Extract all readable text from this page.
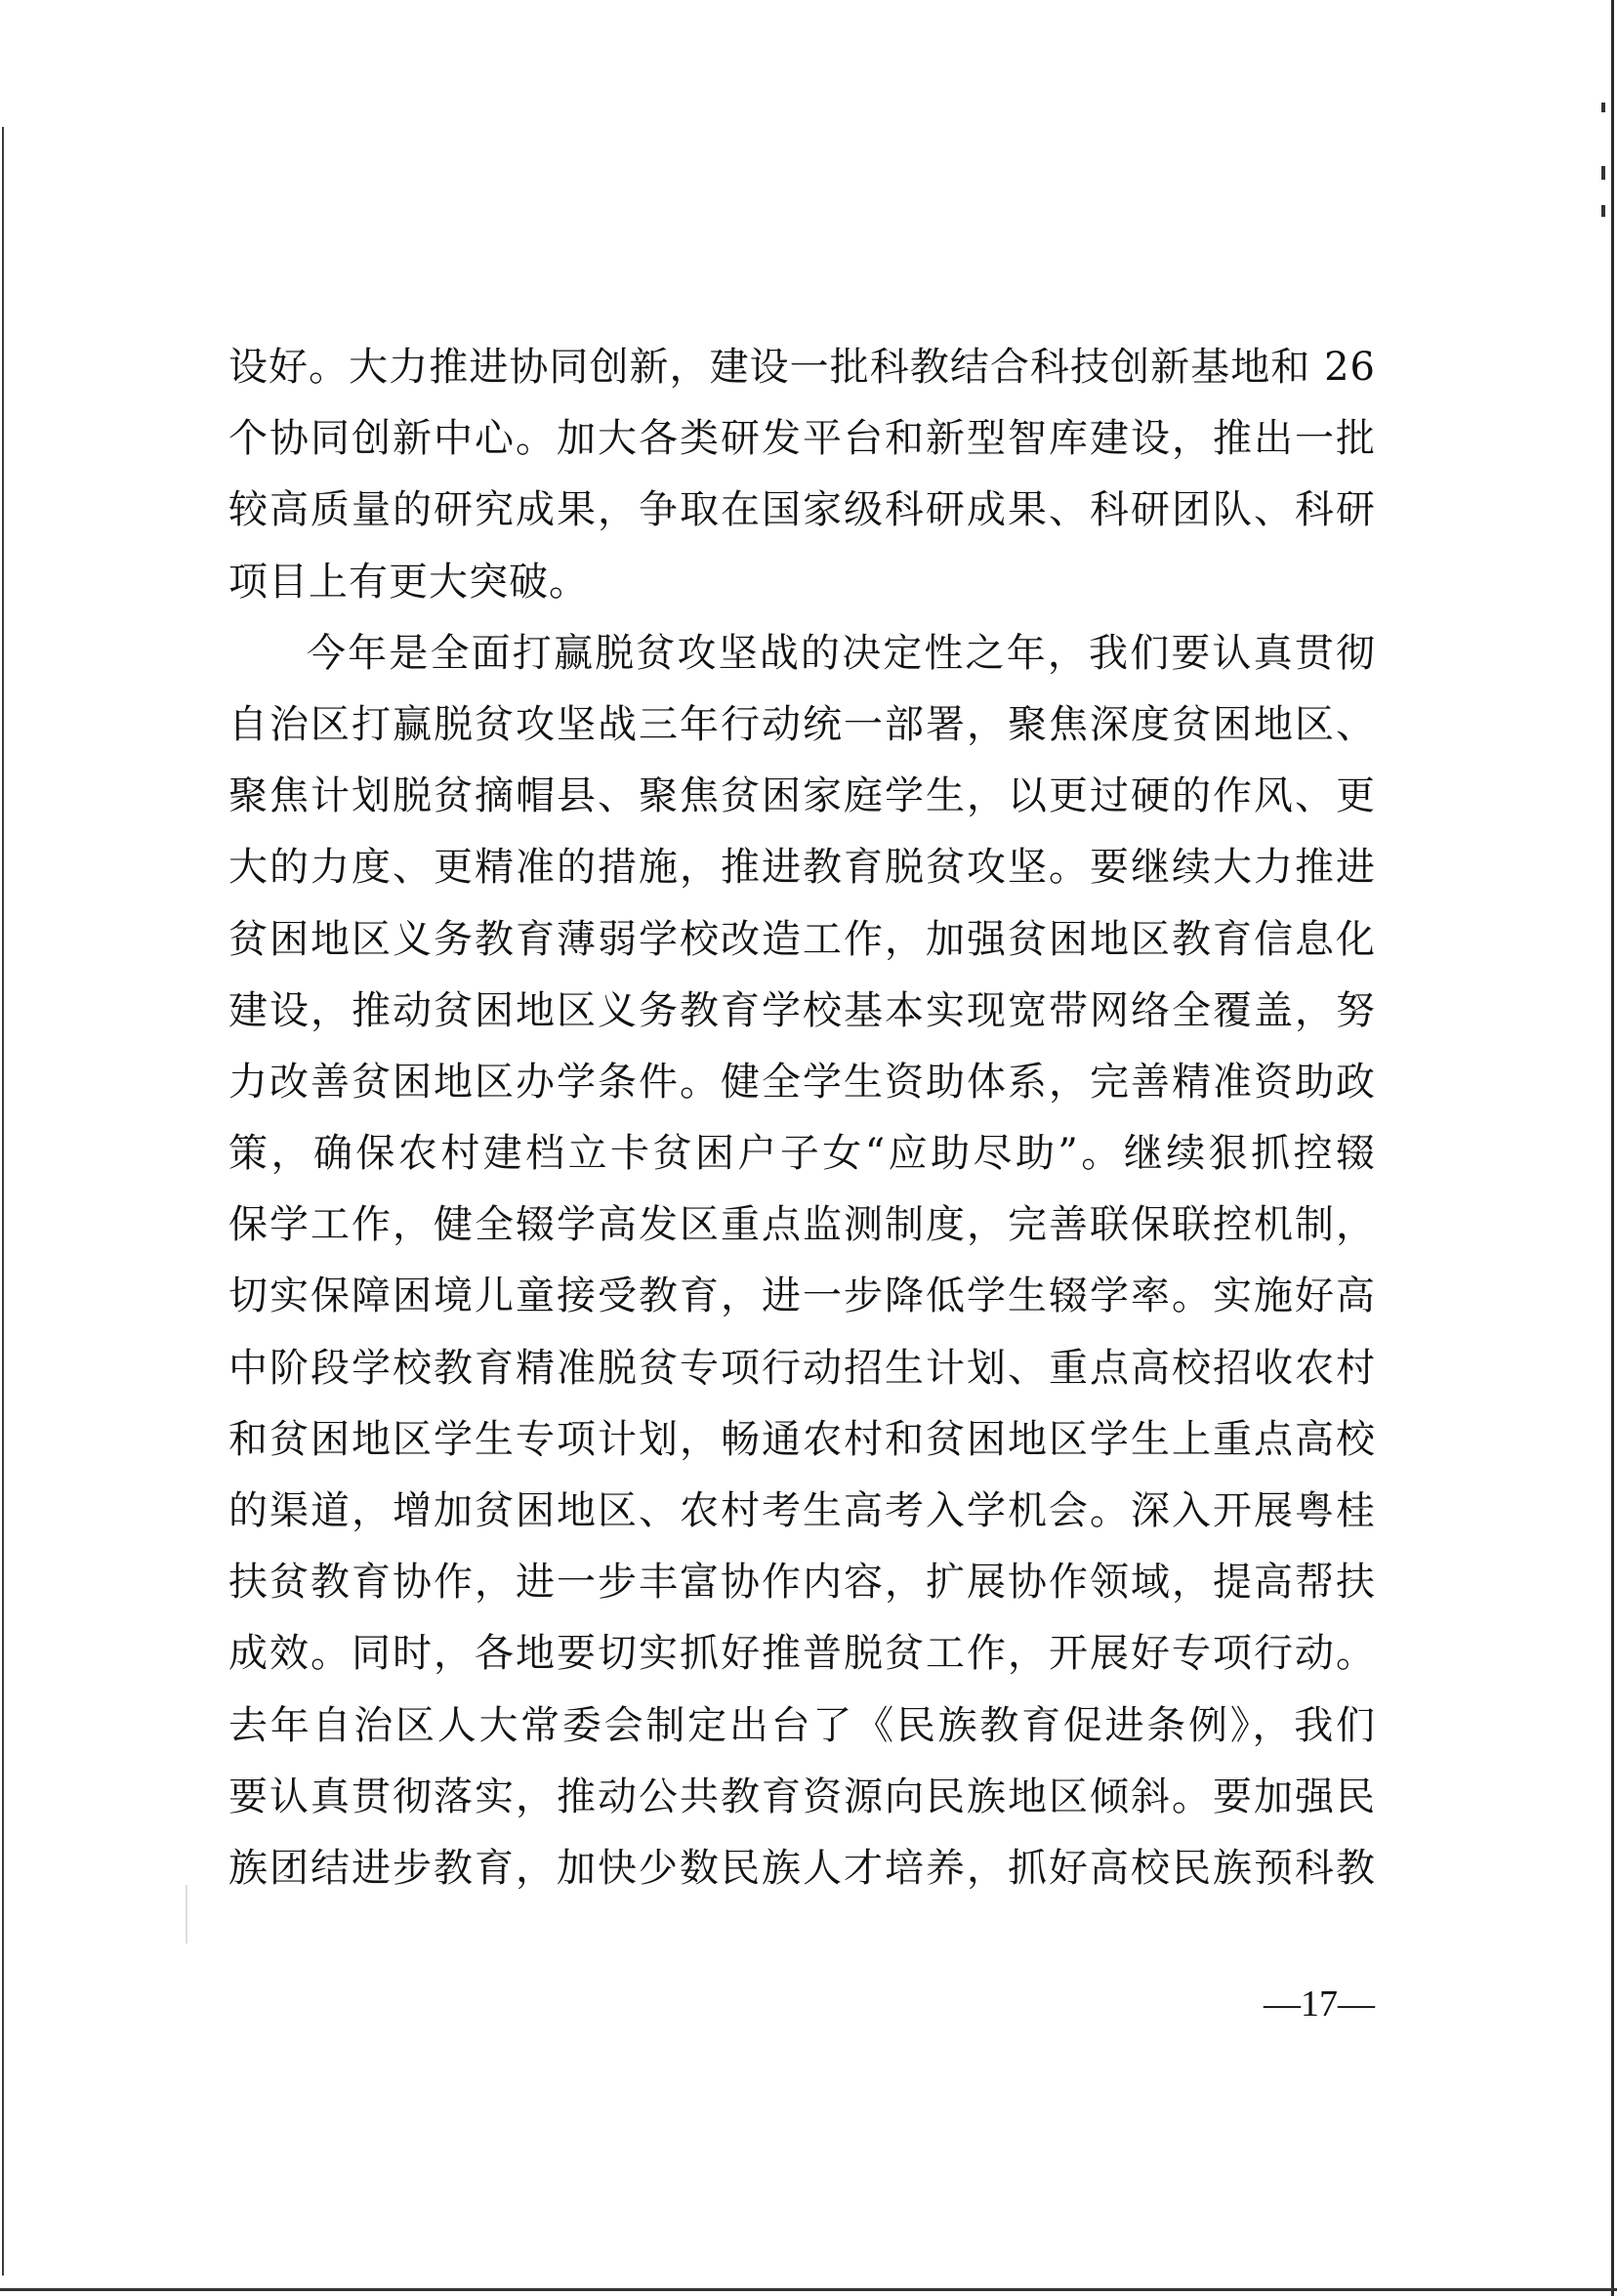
设好。大力推进协同创新，建设一批科教结合科技创新基地和 26
个协同创新中心。加大各类研发平台和新型智库建设，推出一批
较高质量的研究成果，争取在国家级科研成果、科研团队、科研
项目上有更大突破。
今年是全面打赢脱贫攻坚战的决定性之年，我们要认真贯彻
自治区打赢脱贫攻坚战三年行动统一部署，聚焦深度贫困地区、
聚焦计划脱贫摘帽县、聚焦贫困家庭学生，以更过硬的作风、更
大的力度、更精准的措施，推进教育脱贫攻坚。要继续大力推进
贫困地区义务教育薄弱学校改造工作，加强贫困地区教育信息化
建设，推动贫困地区义务教育学校基本实现宽带网络全覆盖，努
力改善贫困地区办学条件。健全学生资助体系，完善精准资助政
策，确保农村建档立卡贫困户子女“应助尽助”。继续狠抓控辍
保学工作，健全辍学高发区重点监测制度，完善联保联控机制，
切实保障困境儿童接受教育，进一步降低学生辍学率。实施好高
中阶段学校教育精准脱贫专项行动招生计划、重点高校招收农村
和贫困地区学生专项计划，畅通农村和贫困地区学生上重点高校
的渠道，增加贫困地区、农村考生高考入学机会。深入开展粤桂
扶贫教育协作，进一步丰富协作内容，扩展协作领域，提高帮扶
成效。同时，各地要切实抓好推普脱贫工作，开展好专项行动。
去年自治区人大常委会制定出台了《民族教育促进条例》，我们
要认真贯彻落实，推动公共教育资源向民族地区倾斜。要加强民
族团结进步教育，加快少数民族人才培养，抓好高校民族预科教
—17—
